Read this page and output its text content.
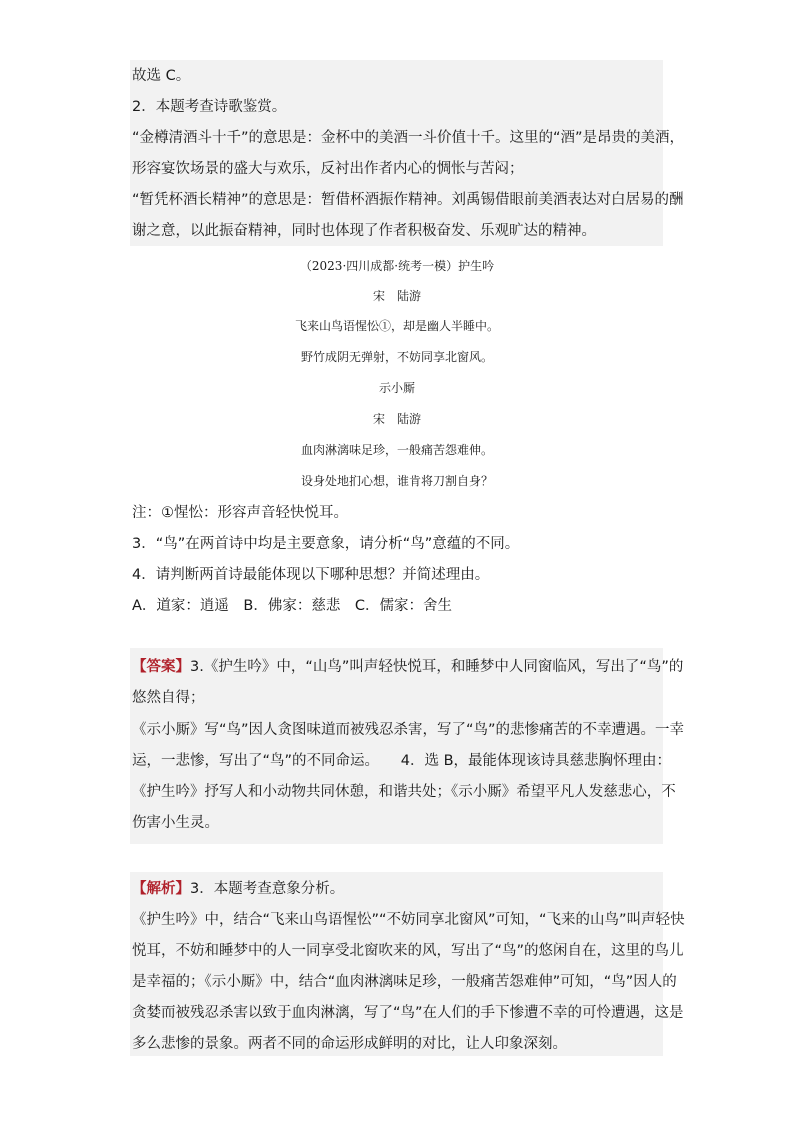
故选 C。
2．本题考查诗歌鉴赏。
“金樽清酒斗十千”的意思是：金杯中的美酒一斗价值十千。这里的“酒”是昂贵的美酒，
形容宴饮场景的盛大与欢乐，反衬出作者内心的惆怅与苦闷；
“暂凭杯酒长精神”的意思是：暂借杯酒振作精神。刘禹锡借眼前美酒表达对白居易的酬
谢之意，以此振奋精神，同时也体现了作者积极奋发、乐观旷达的精神。
（2023·四川成都·统考一模）护生吟
宋　陆游
飞来山鸟语惺忪①，却是幽人半睡中。
野竹成阴无弹射，不妨同享北窗风。
示小厮
宋　陆游
血肉淋漓味足珍，一般痛苦怨难伸。
设身处地扪心想，谁肯将刀割自身？
注：①惺忪：形容声音轻快悦耳。
3．“鸟”在两首诗中均是主要意象，请分析“鸟”意蕴的不同。
4．请判断两首诗最能体现以下哪种思想？并简述理由。
A．道家：逍遥　B．佛家：慈悲　C．儒家：舍生
【答案】3.《护生吟》中，“山鸟”叫声轻快悦耳，和睡梦中人同窗临风，写出了“鸟”的
悠然自得；
《示小厮》写“鸟”因人贪图味道而被残忍杀害，写了“鸟”的悲惨痛苦的不幸遭遇。一幸
运，一悲惨，写出了“鸟”的不同命运。　　4．选 B，最能体现该诗具慈悲胸怀理由：
《护生吟》抒写人和小动物共同休憩，和谐共处；《示小厮》希望平凡人发慈悲心，不
伤害小生灵。
【解析】3．本题考查意象分析。
《护生吟》中，结合“飞来山鸟语惺忪”“不妨同享北窗风”可知，“飞来的山鸟”叫声轻快
悦耳，不妨和睡梦中的人一同享受北窗吹来的风，写出了“鸟”的悠闲自在，这里的鸟儿
是幸福的；《示小厮》中，结合“血肉淋漓味足珍，一般痛苦怨难伸”可知，“鸟”因人的
贪婪而被残忍杀害以致于血肉淋漓，写了“鸟”在人们的手下惨遭不幸的可怜遭遇，这是
多么悲惨的景象。两者不同的命运形成鲜明的对比，让人印象深刻。
